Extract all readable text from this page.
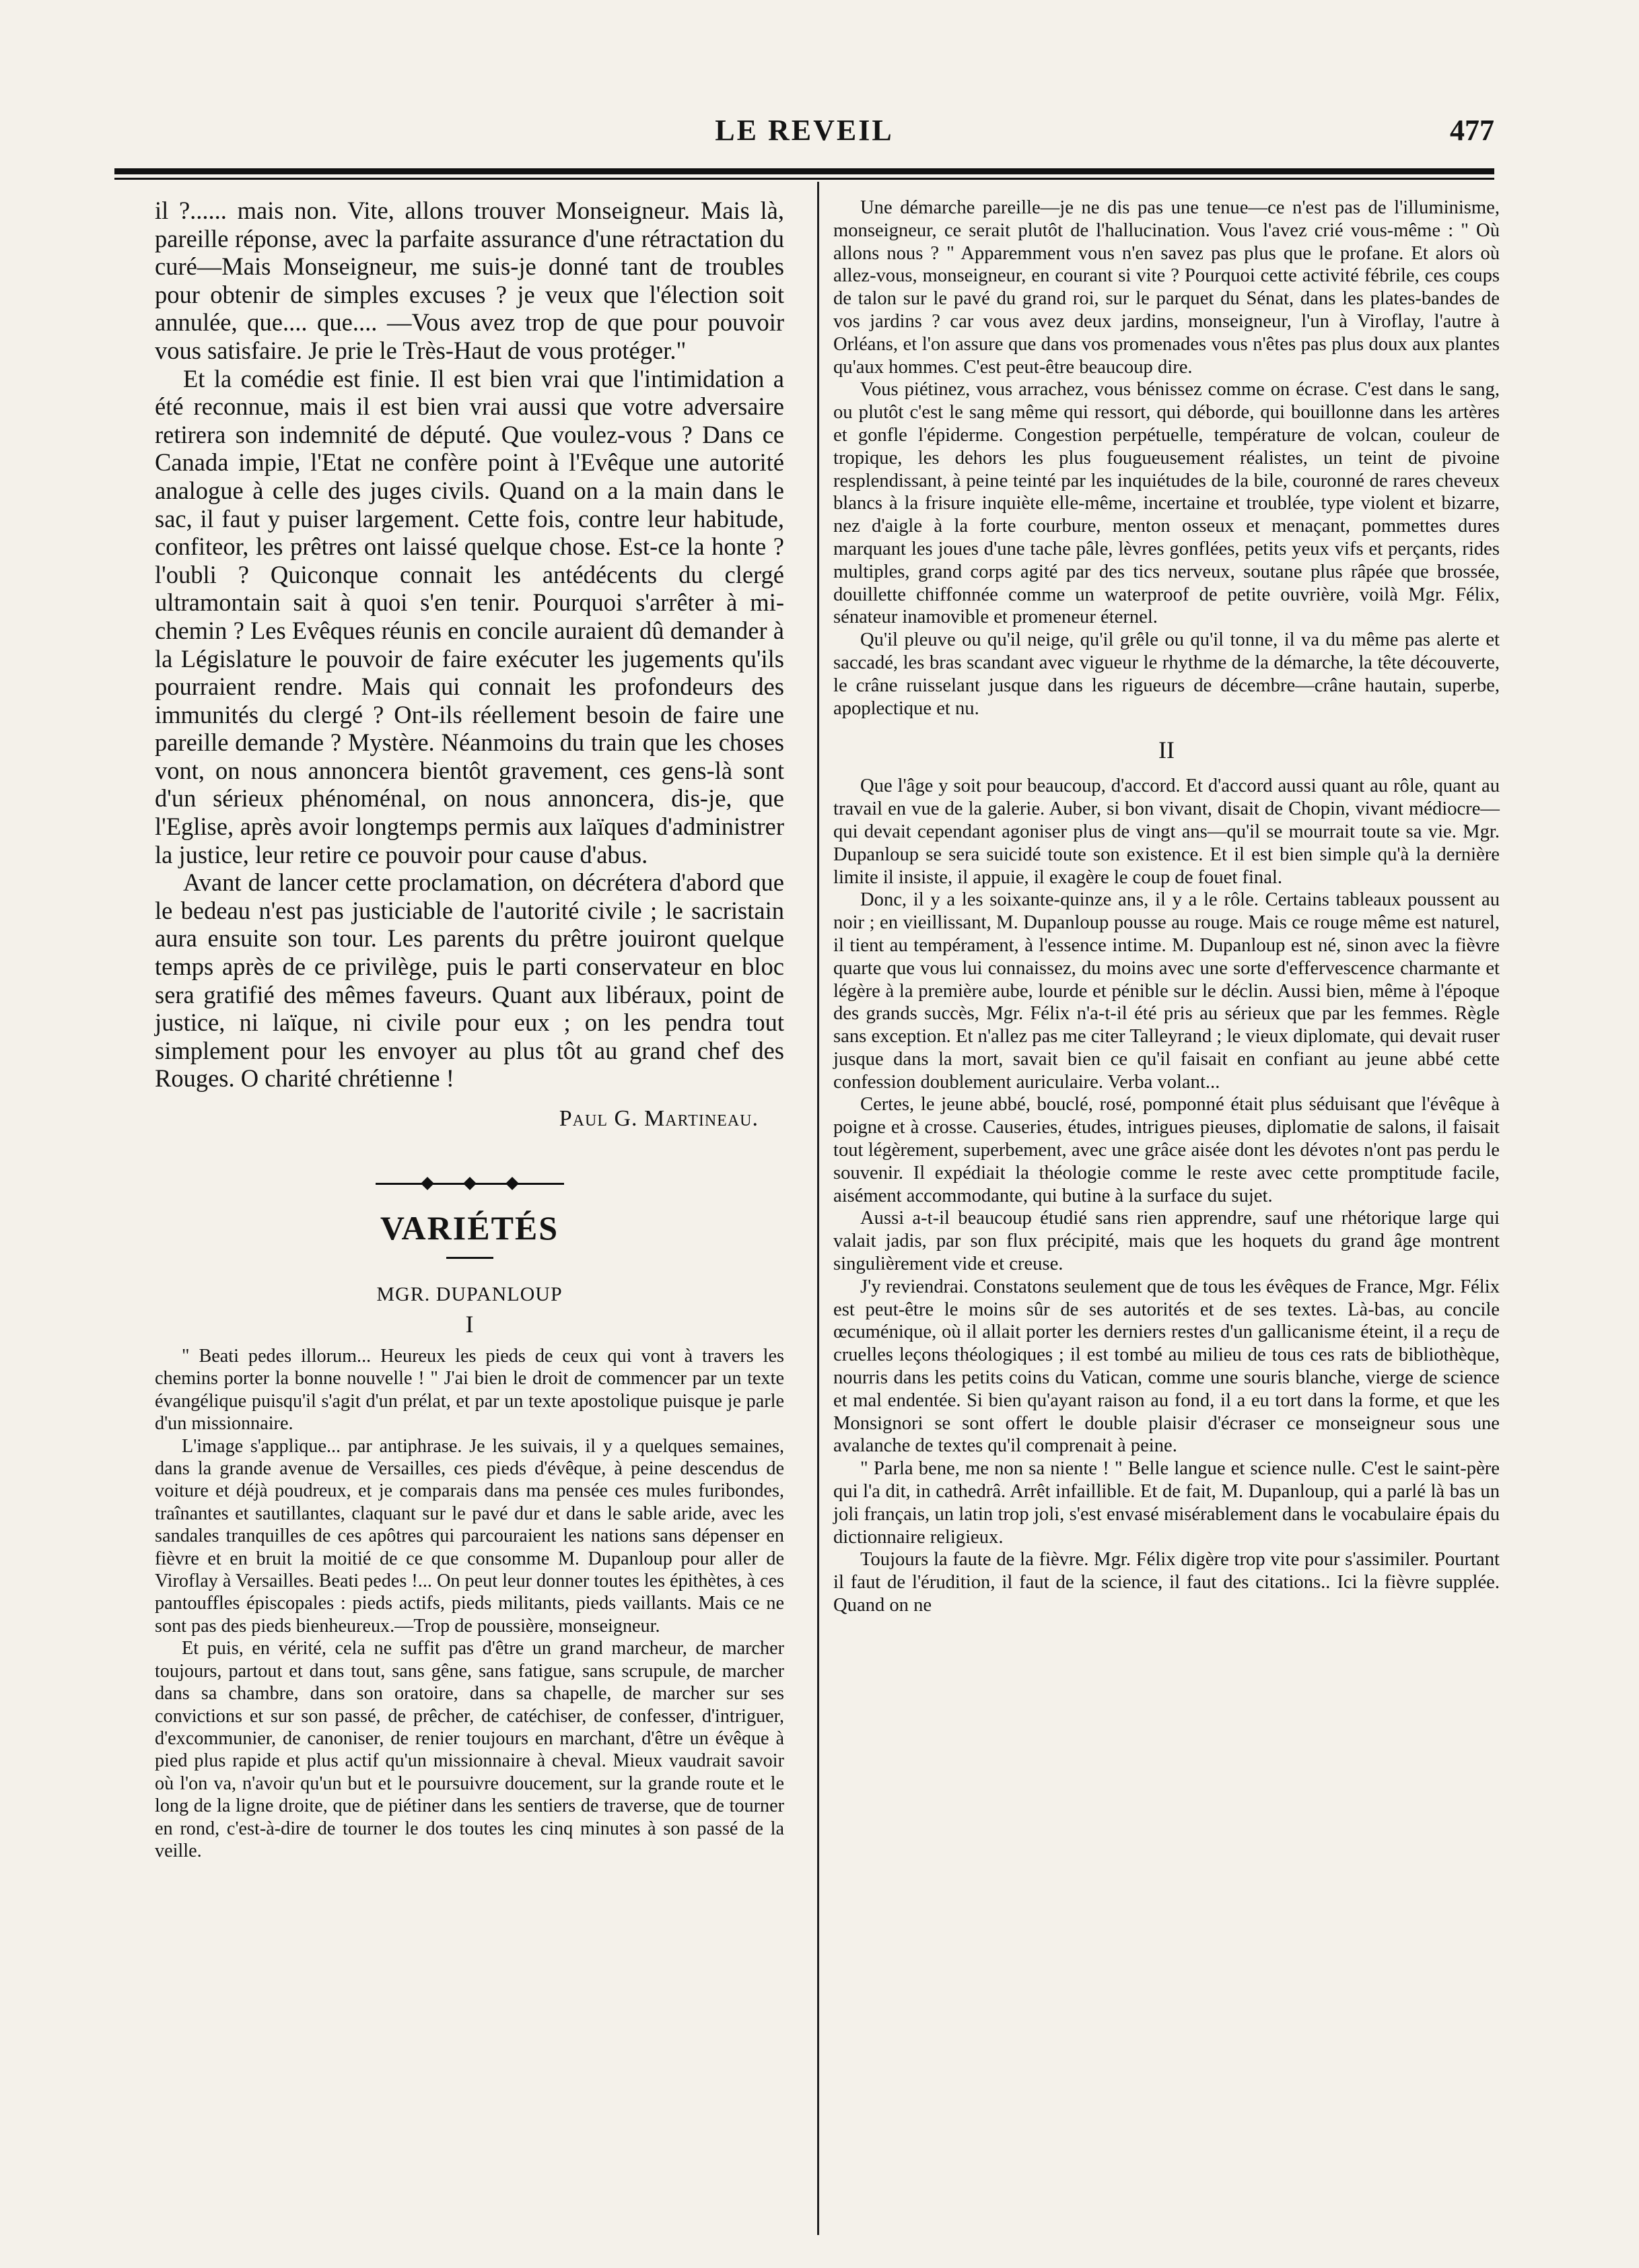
LE REVEIL	477

il ?...... mais non. Vite, allons trouver Monseigneur. Mais là, pareille réponse, avec la parfaite assurance d'une rétractation du curé—Mais Monseigneur, me suis-je donné tant de troubles pour obtenir de simples excuses ? je veux que l'élection soit annulée, que.... que.... —Vous avez trop de que pour pouvoir vous satisfaire. Je prie le Très-Haut de vous protéger."

Et la comédie est finie. Il est bien vrai que l'intimidation a été reconnue, mais il est bien vrai aussi que votre adversaire retirera son indemnité de député. Que voulez-vous ? Dans ce Canada impie, l'Etat ne confère point à l'Evêque une autorité analogue à celle des juges civils. Quand on a la main dans le sac, il faut y puiser largement. Cette fois, contre leur habitude, confiteor, les prêtres ont laissé quelque chose. Est-ce la honte ? l'oubli ? Quiconque connait les antédécents du clergé ultramontain sait à quoi s'en tenir. Pourquoi s'arrêter à mi-chemin ? Les Evêques réunis en concile auraient dû demander à la Législature le pouvoir de faire exécuter les jugements qu'ils pourraient rendre. Mais qui connait les profondeurs des immunités du clergé ? Ont-ils réellement besoin de faire une pareille demande ? Mystère. Néanmoins du train que les choses vont, on nous annoncera bientôt gravement, ces gens-là sont d'un sérieux phénoménal, on nous annoncera, dis-je, que l'Eglise, après avoir longtemps permis aux laïques d'administrer la justice, leur retire ce pouvoir pour cause d'abus.

Avant de lancer cette proclamation, on décrétera d'abord que le bedeau n'est pas justiciable de l'autorité civile ; le sacristain aura ensuite son tour. Les parents du prêtre jouiront quelque temps après de ce privilège, puis le parti conservateur en bloc sera gratifié des mêmes faveurs. Quant aux libéraux, point de justice, ni laïque, ni civile pour eux ; on les pendra tout simplement pour les envoyer au plus tôt au grand chef des Rouges. O charité chrétienne !

Paul G. Martineau.
VARIÉTÉS
MGR. DUPANLOUP
I

" Beati pedes illorum... Heureux les pieds de ceux qui vont à travers les chemins porter la bonne nouvelle ! " J'ai bien le droit de commencer par un texte évangélique puisqu'il s'agit d'un prélat, et par un texte apostolique puisque je parle d'un missionnaire.

L'image s'applique... par antiphrase. Je les suivais, il y a quelques semaines, dans la grande avenue de Versailles, ces pieds d'évêque, à peine descendus de voiture et déjà poudreux, et je comparais dans ma pensée ces mules furibondes, traînantes et sautillantes, claquant sur le pavé dur et dans le sable aride, avec les sandales tranquilles de ces apôtres qui parcouraient les nations sans dépenser en fièvre et en bruit la moitié de ce que consomme M. Dupanloup pour aller de Viroflay à Versailles. Beati pedes !... On peut leur donner toutes les épithètes, à ces pantouffles épiscopales : pieds actifs, pieds militants, pieds vaillants. Mais ce ne sont pas des pieds bienheureux.—Trop de poussière, monseigneur.

Et puis, en vérité, cela ne suffit pas d'être un grand marcheur, de marcher toujours, partout et dans tout, sans gêne, sans fatigue, sans scrupule, de marcher dans sa chambre, dans son oratoire, dans sa chapelle, de marcher sur ses convictions et sur son passé, de prêcher, de catéchiser, de confesser, d'intriguer, d'excommunier, de canoniser, de renier toujours en marchant, d'être un évêque à pied plus rapide et plus actif qu'un missionnaire à cheval. Mieux vaudrait savoir où l'on va, n'avoir qu'un but et le poursuivre doucement, sur la grande route et le long de la ligne droite, que de piétiner dans les sentiers de traverse, que de tourner en rond, c'est-à-dire de tourner le dos toutes les cinq minutes à son passé de la veille.

Une démarche pareille—je ne dis pas une tenue—ce n'est pas de l'illuminisme, monseigneur, ce serait plutôt de l'hallucination. Vous l'avez crié vous-même : " Où allons nous ? " Apparemment vous n'en savez pas plus que le profane. Et alors où allez-vous, monseigneur, en courant si vite ? Pourquoi cette activité fébrile, ces coups de talon sur le pavé du grand roi, sur le parquet du Sénat, dans les plates-bandes de vos jardins ? car vous avez deux jardins, monseigneur, l'un à Viroflay, l'autre à Orléans, et l'on assure que dans vos promenades vous n'êtes pas plus doux aux plantes qu'aux hommes. C'est peut-être beaucoup dire.

Vous piétinez, vous arrachez, vous bénissez comme on écrase. C'est dans le sang, ou plutôt c'est le sang même qui ressort, qui déborde, qui bouillonne dans les artères et gonfle l'épiderme. Congestion perpétuelle, température de volcan, couleur de tropique, les dehors les plus fougueusement réalistes, un teint de pivoine resplendissant, à peine teinté par les inquiétudes de la bile, couronné de rares cheveux blancs à la frisure inquiète elle-même, incertaine et troublée, type violent et bizarre, nez d'aigle à la forte courbure, menton osseux et menaçant, pommettes dures marquant les joues d'une tache pâle, lèvres gonflées, petits yeux vifs et perçants, rides multiples, grand corps agité par des tics nerveux, soutane plus râpée que brossée, douillette chiffonnée comme un waterproof de petite ouvrière, voilà Mgr. Félix, sénateur inamovible et promeneur éternel.

Qu'il pleuve ou qu'il neige, qu'il grêle ou qu'il tonne, il va du même pas alerte et saccadé, les bras scandant avec vigueur le rhythme de la démarche, la tête découverte, le crâne ruisselant jusque dans les rigueurs de décembre—crâne hautain, superbe, apoplectique et nu.

II

Que l'âge y soit pour beaucoup, d'accord. Et d'accord aussi quant au rôle, quant au travail en vue de la galerie. Auber, si bon vivant, disait de Chopin, vivant médiocre—qui devait cependant agoniser plus de vingt ans—qu'il se mourrait toute sa vie. Mgr. Dupanloup se sera suicidé toute son existence. Et il est bien simple qu'à la dernière limite il insiste, il appuie, il exagère le coup de fouet final.

Donc, il y a les soixante-quinze ans, il y a le rôle. Certains tableaux poussent au noir ; en vieillissant, M. Dupanloup pousse au rouge. Mais ce rouge même est naturel, il tient au tempérament, à l'essence intime. M. Dupanloup est né, sinon avec la fièvre quarte que vous lui connaissez, du moins avec une sorte d'effervescence charmante et légère à la première aube, lourde et pénible sur le déclin. Aussi bien, même à l'époque des grands succès, Mgr. Félix n'a-t-il été pris au sérieux que par les femmes. Règle sans exception. Et n'allez pas me citer Talleyrand ; le vieux diplomate, qui devait ruser jusque dans la mort, savait bien ce qu'il faisait en confiant au jeune abbé cette confession doublement auriculaire. Verba volant...

Certes, le jeune abbé, bouclé, rosé, pomponné était plus séduisant que l'évêque à poigne et à crosse. Causeries, études, intrigues pieuses, diplomatie de salons, il faisait tout légèrement, superbement, avec une grâce aisée dont les dévotes n'ont pas perdu le souvenir. Il expédiait la théologie comme le reste avec cette promptitude facile, aisément accommodante, qui butine à la surface du sujet.

Aussi a-t-il beaucoup étudié sans rien apprendre, sauf une rhétorique large qui valait jadis, par son flux précipité, mais que les hoquets du grand âge montrent singulièrement vide et creuse.

J'y reviendrai. Constatons seulement que de tous les évêques de France, Mgr. Félix est peut-être le moins sûr de ses autorités et de ses textes. Là-bas, au concile œcuménique, où il allait porter les derniers restes d'un gallicanisme éteint, il a reçu de cruelles leçons théologiques ; il est tombé au milieu de tous ces rats de bibliothèque, nourris dans les petits coins du Vatican, comme une souris blanche, vierge de science et mal endentée. Si bien qu'ayant raison au fond, il a eu tort dans la forme, et que les Monsignori se sont offert le double plaisir d'écraser ce monseigneur sous une avalanche de textes qu'il comprenait à peine.

" Parla bene, me non sa niente ! " Belle langue et science nulle. C'est le saint-père qui l'a dit, in cathedrâ. Arrêt infaillible. Et de fait, M. Dupanloup, qui a parlé là bas un joli français, un latin trop joli, s'est envasé misérablement dans le vocabulaire épais du dictionnaire religieux.

Toujours la faute de la fièvre. Mgr. Félix digère trop vite pour s'assimiler. Pourtant il faut de l'érudition, il faut de la science, il faut des citations.. Ici la fièvre supplée. Quand on ne
